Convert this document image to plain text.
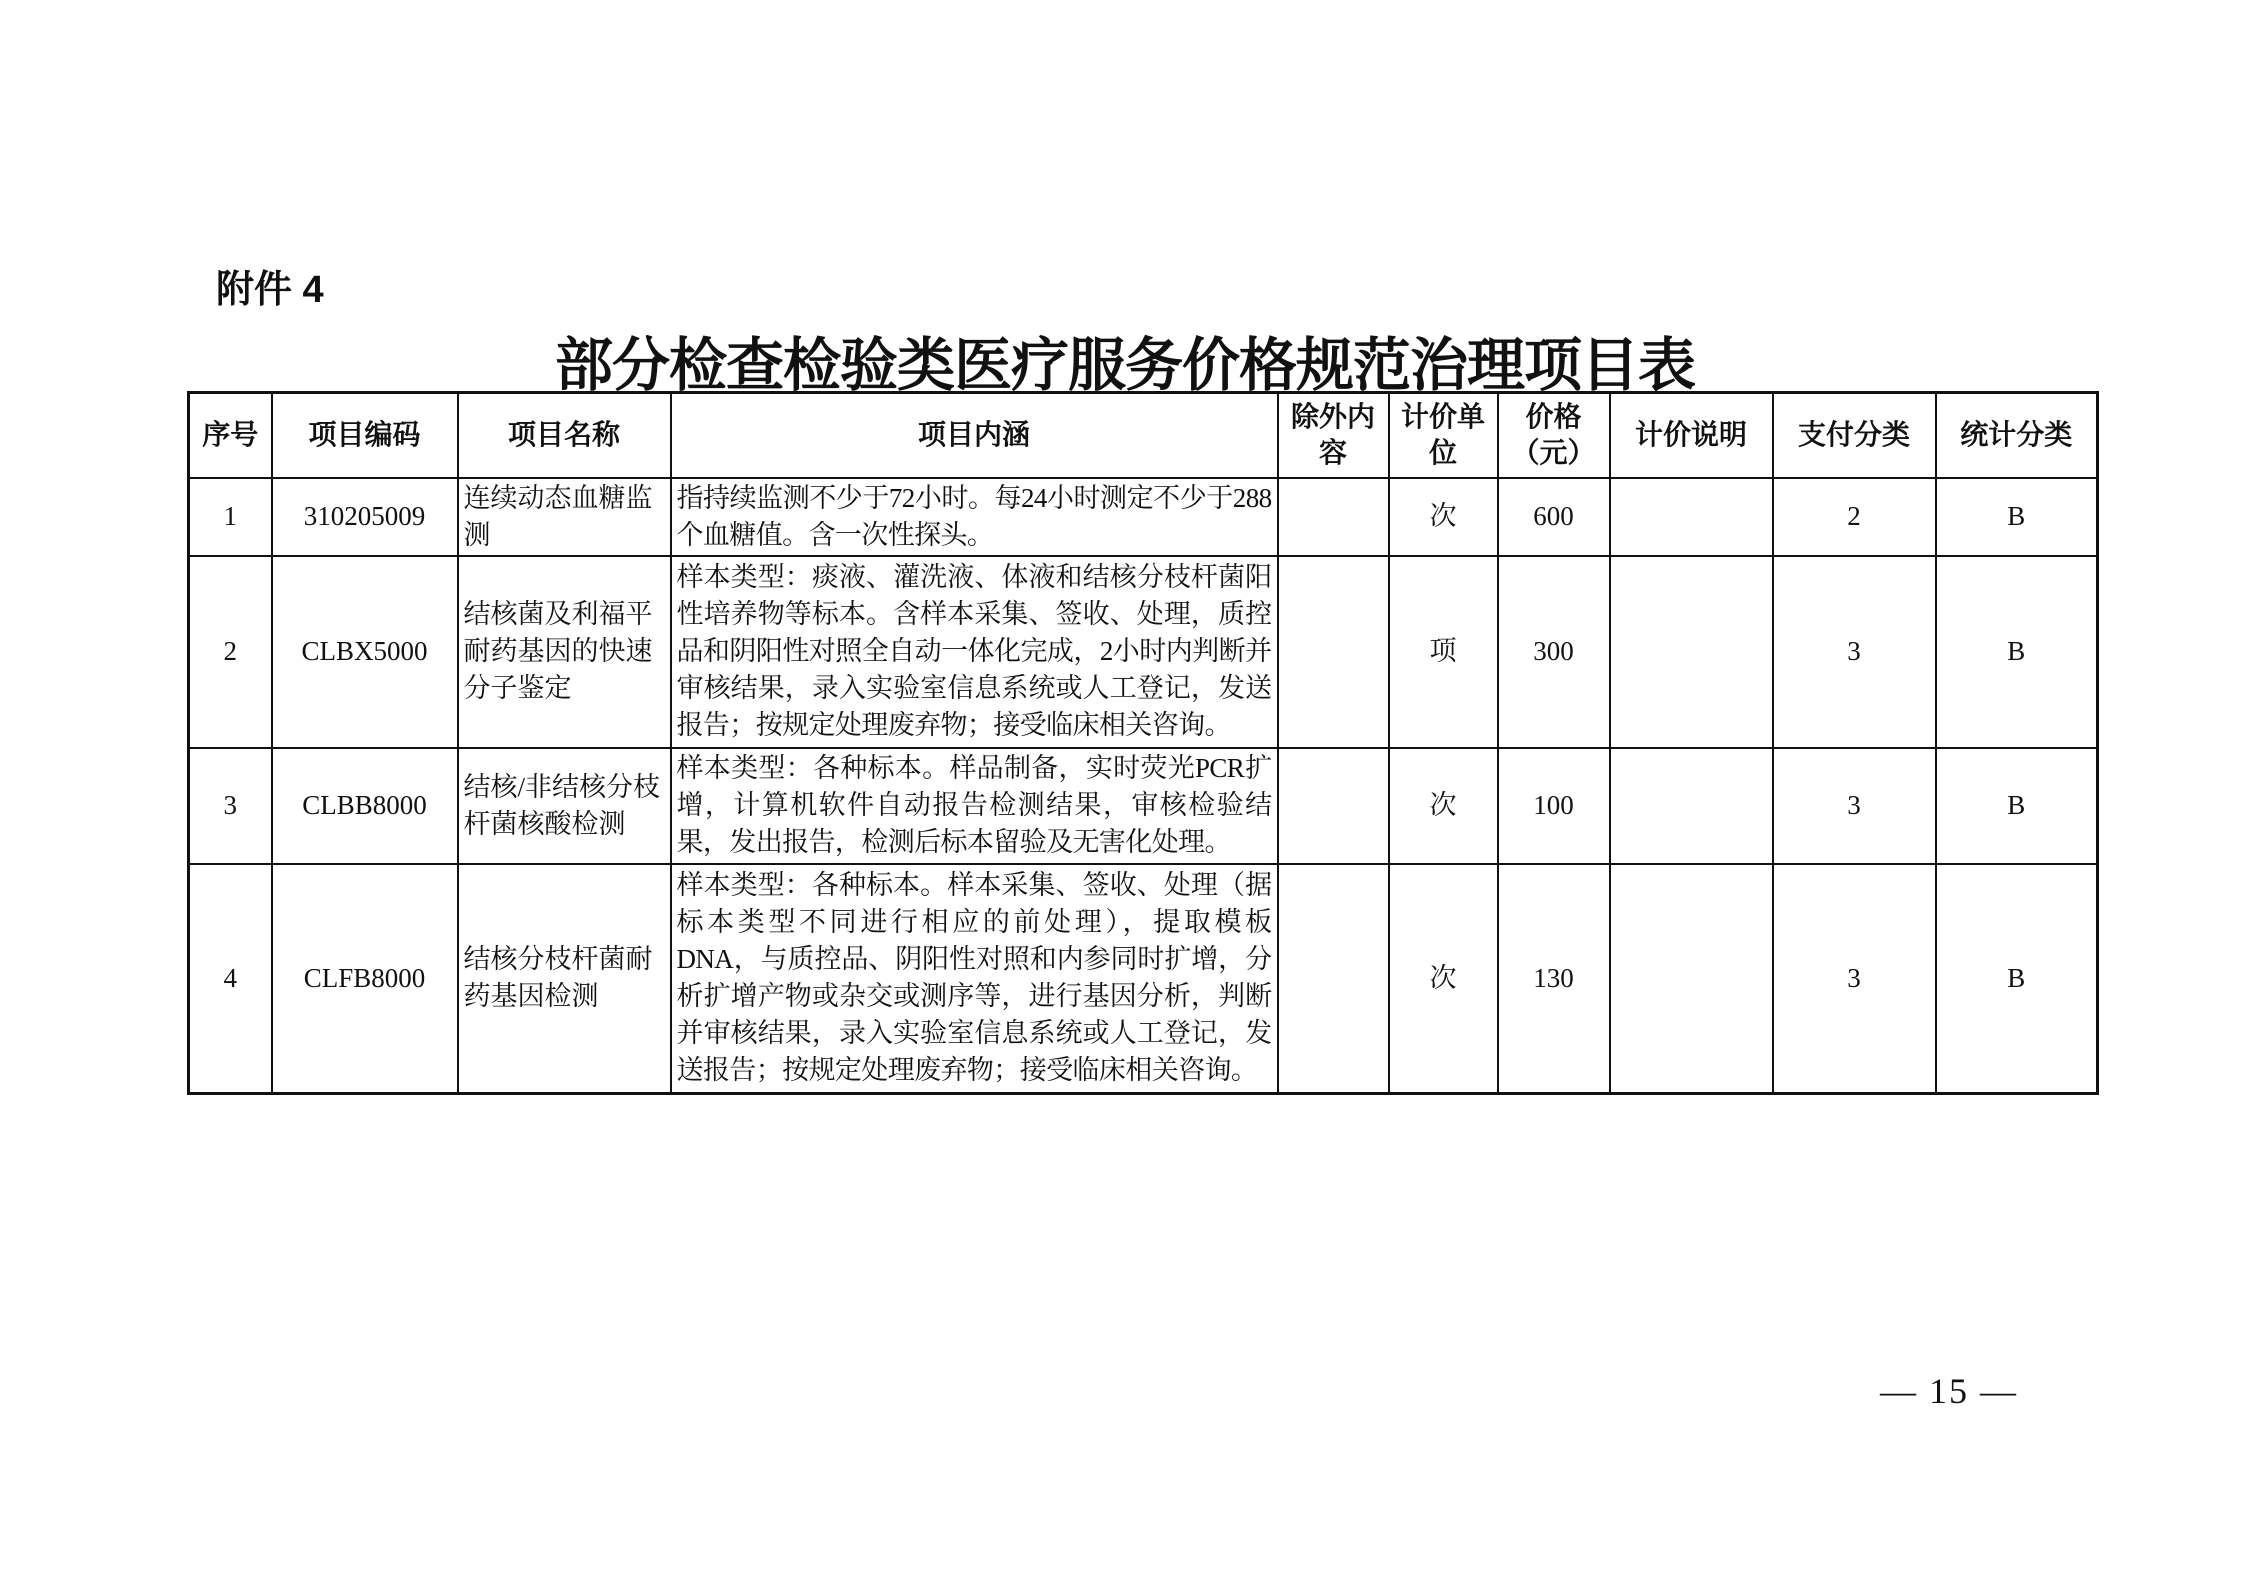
附件 4
部分检查检验类医疗服务价格规范治理项目表
序号	项目编码	项目名称	项目内涵	除外内容	计价单位	价格（元）	计价说明	支付分类	统计分类
1	310205009	连续动态血糖监测	指持续监测不少于72小时。每24小时测定不少于288个血糖值。含一次性探头。		次	600		2	B
2	CLBX5000	结核菌及利福平耐药基因的快速分子鉴定	样本类型：痰液、灌洗液、体液和结核分枝杆菌阳性培养物等标本。含样本采集、签收、处理，质控品和阴阳性对照全自动一体化完成，2小时内判断并审核结果，录入实验室信息系统或人工登记，发送报告；按规定处理废弃物；接受临床相关咨询。		项	300		3	B
3	CLBB8000	结核/非结核分枝杆菌核酸检测	样本类型：各种标本。样品制备，实时荧光PCR扩增，计算机软件自动报告检测结果，审核检验结果，发出报告，检测后标本留验及无害化处理。		次	100		3	B
4	CLFB8000	结核分枝杆菌耐药基因检测	样本类型：各种标本。样本采集、签收、处理（据标本类型不同进行相应的前处理），提取模板DNA，与质控品、阴阳性对照和内参同时扩增，分析扩增产物或杂交或测序等，进行基因分析，判断并审核结果，录入实验室信息系统或人工登记，发送报告；按规定处理废弃物；接受临床相关咨询。		次	130		3	B
— 15 —
